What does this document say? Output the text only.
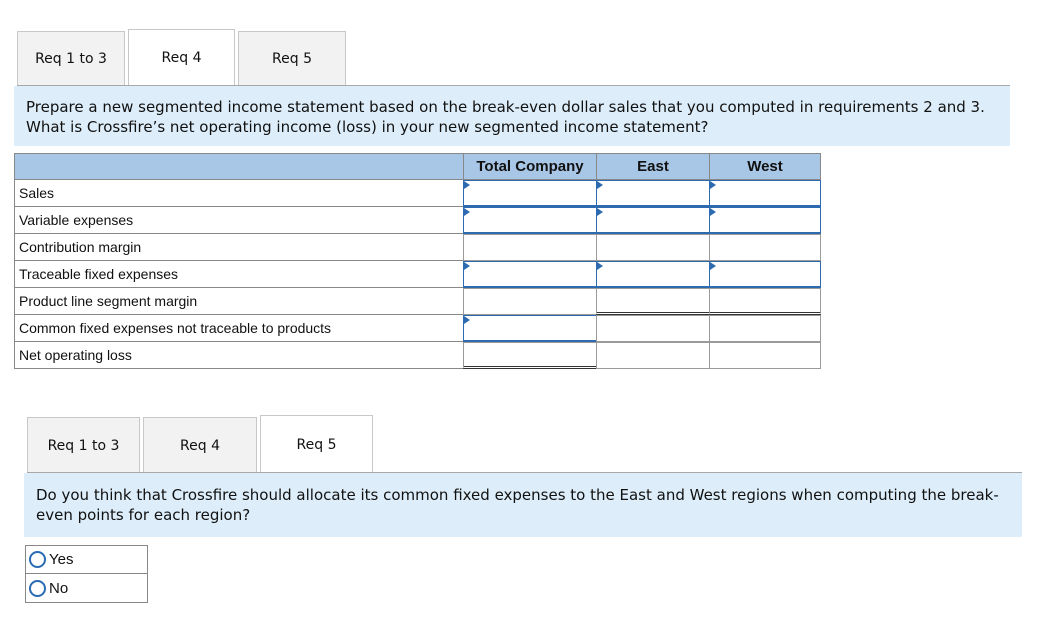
Req 1 to 3	Req 4	Req 5
Prepare a new segmented income statement based on the break-even dollar sales that you computed in requirements 2 and 3. What is Crossfire’s net operating income (loss) in your new segmented income statement?
Total Company	East	West
Sales
Variable expenses
Contribution margin
Traceable fixed expenses
Product line segment margin
Common fixed expenses not traceable to products
Net operating loss
Req 1 to 3	Req 4	Req 5
Do you think that Crossfire should allocate its common fixed expenses to the East and West regions when computing the break-even points for each region?
Yes
No
